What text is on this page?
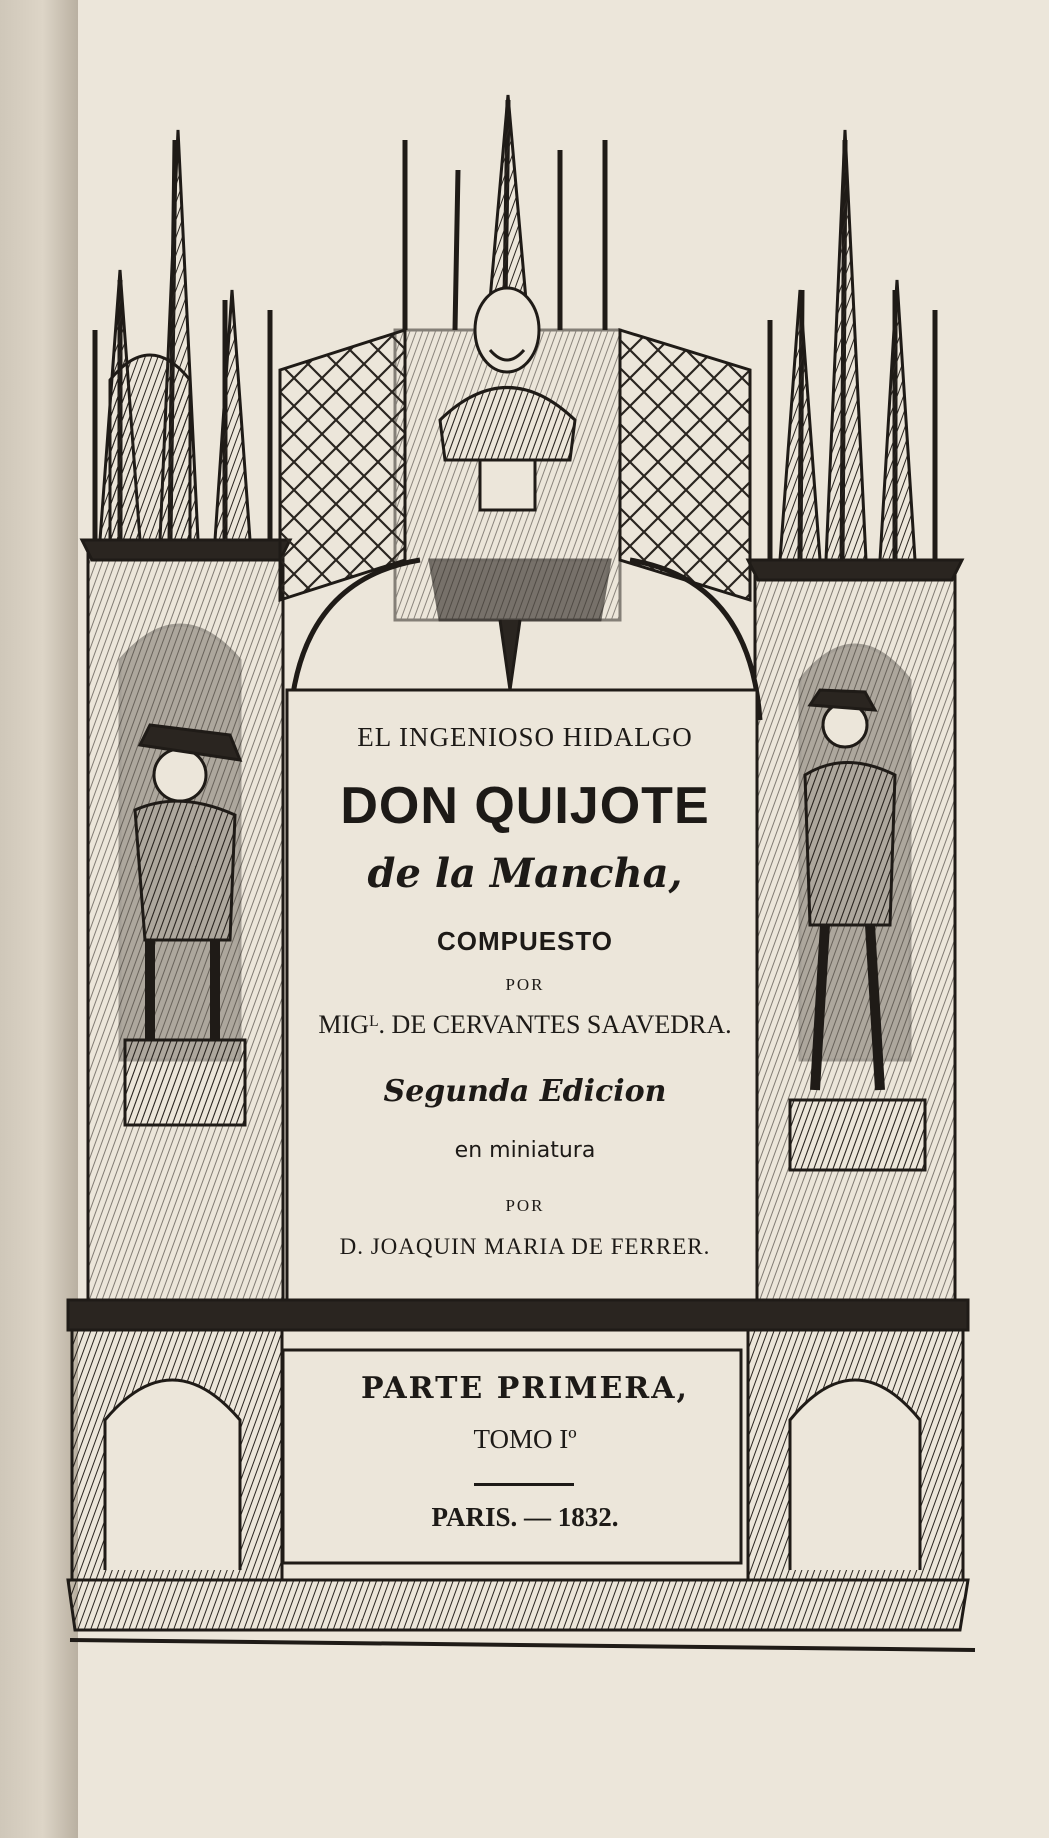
EL INGENIOSO HIDALGO
DON QUIJOTE
de la Mancha,
COMPUESTO
POR
MIGᴸ. DE CERVANTES SAAVEDRA.
Segunda Edicion
en miniatura
POR
D. JOAQUIN MARIA DE FERRER.
PARTE PRIMERA,
TOMO Iº
PARIS. — 1832.
